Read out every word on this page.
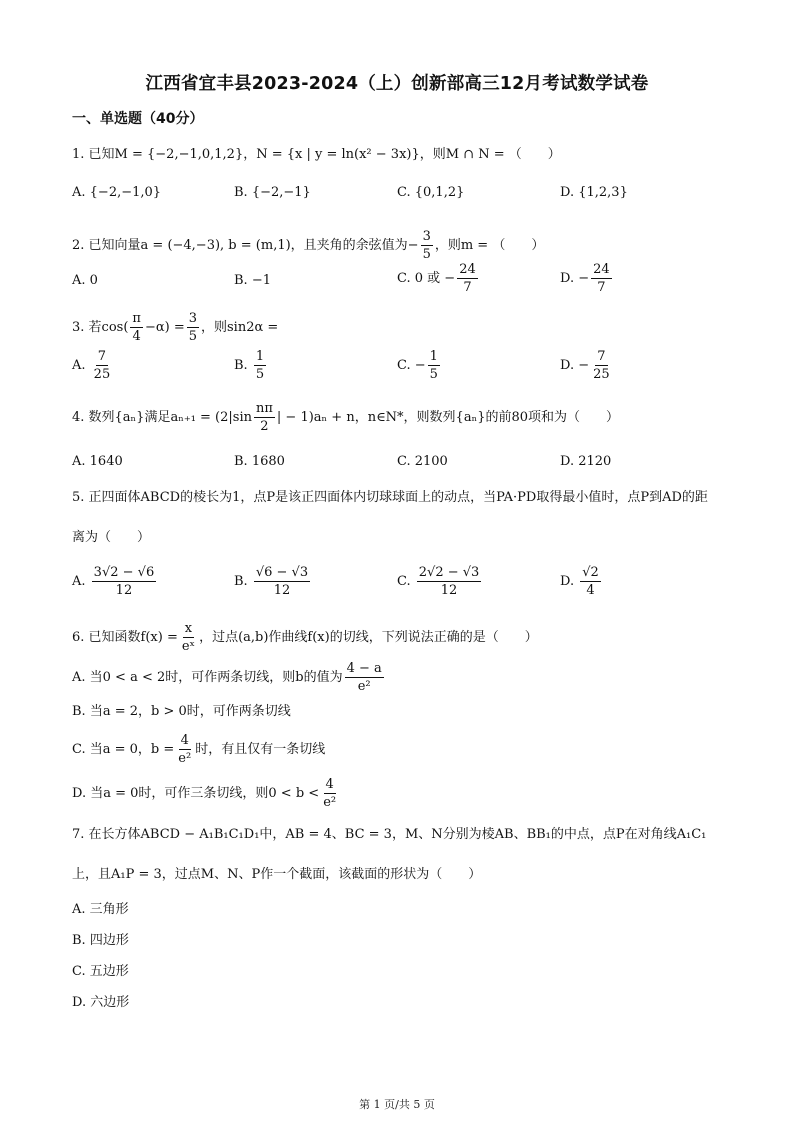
江西省宜丰县2023-2024（上）创新部高三12月考试数学试卷
一、单选题（40分）
1. 已知M = {−2,−1,0,1,2}，N = {x | y = ln(x² − 3x)}，则M ∩ N = （　　）
A. {−2,−1,0}	B. {−2,−1}	C. {0,1,2}	D. {1,2,3}
2. 已知向量a = (−4,−3), b = (m,1)，且夹角的余弦值为− $\frac{3}{5}$ ，则m = （　　）
A. 0	B. −1	C. 0 或 − $\frac{24}{7}$	D. − $\frac{24}{7}$
3. 若$\cos( \frac{\pi}{4} -\alpha) = \frac{3}{5}$ ，则sin2α =
A. $\frac{7}{25}$	B. $\frac{1}{5}$	C. − $\frac{1}{5}$	D. − $\frac{7}{25}$
4. 数列{aₙ}满足$a_{n+1} = (2|\sin \frac{n\pi}{2}$ | − 1)aₙ + n，n∈N*，则数列{aₙ}的前80项和为（　　）
A. 1640	B. 1680	C. 2100	D. 2120
5. 正四面体ABCD的棱长为1，点P是该正四面体内切球球面上的动点，当PA·PD取得最小值时，点P到AD的距离为（　　）
A. $\frac{3√2 - √6}{12}$	B. $\frac{√6 - √3}{12}$	C. $\frac{2√2 - √3}{12}$	D. $\frac{√2}{4}$
6. 已知函数$f(x) = \frac{x}{\text{eˣ}}$ ，过点(a,b)作曲线f(x)的切线，下列说法正确的是（　　）
A. 当0 < a < 2时，可作两条切线，则b的值为 $\frac{4 - a}{\text{e²}}$
B. 当a = 2，b > 0时，可作两条切线
C. 当a = 0，$b = \frac{4}{\text{e²}}$ 时，有且仅有一条切线
D. 当a = 0时，可作三条切线，则$0 < b < \frac{4}{\text{e²}}$
7. 在长方体ABCD − A₁B₁C₁D₁中，AB = 4、BC = 3，M、N分别为棱AB、BB₁的中点，点P在对角线A₁C₁上，且A₁P = 3，过点M、N、P作一个截面，该截面的形状为（　　）
A. 三角形
B. 四边形
C. 五边形
D. 六边形
第 1 页/共 5 页
